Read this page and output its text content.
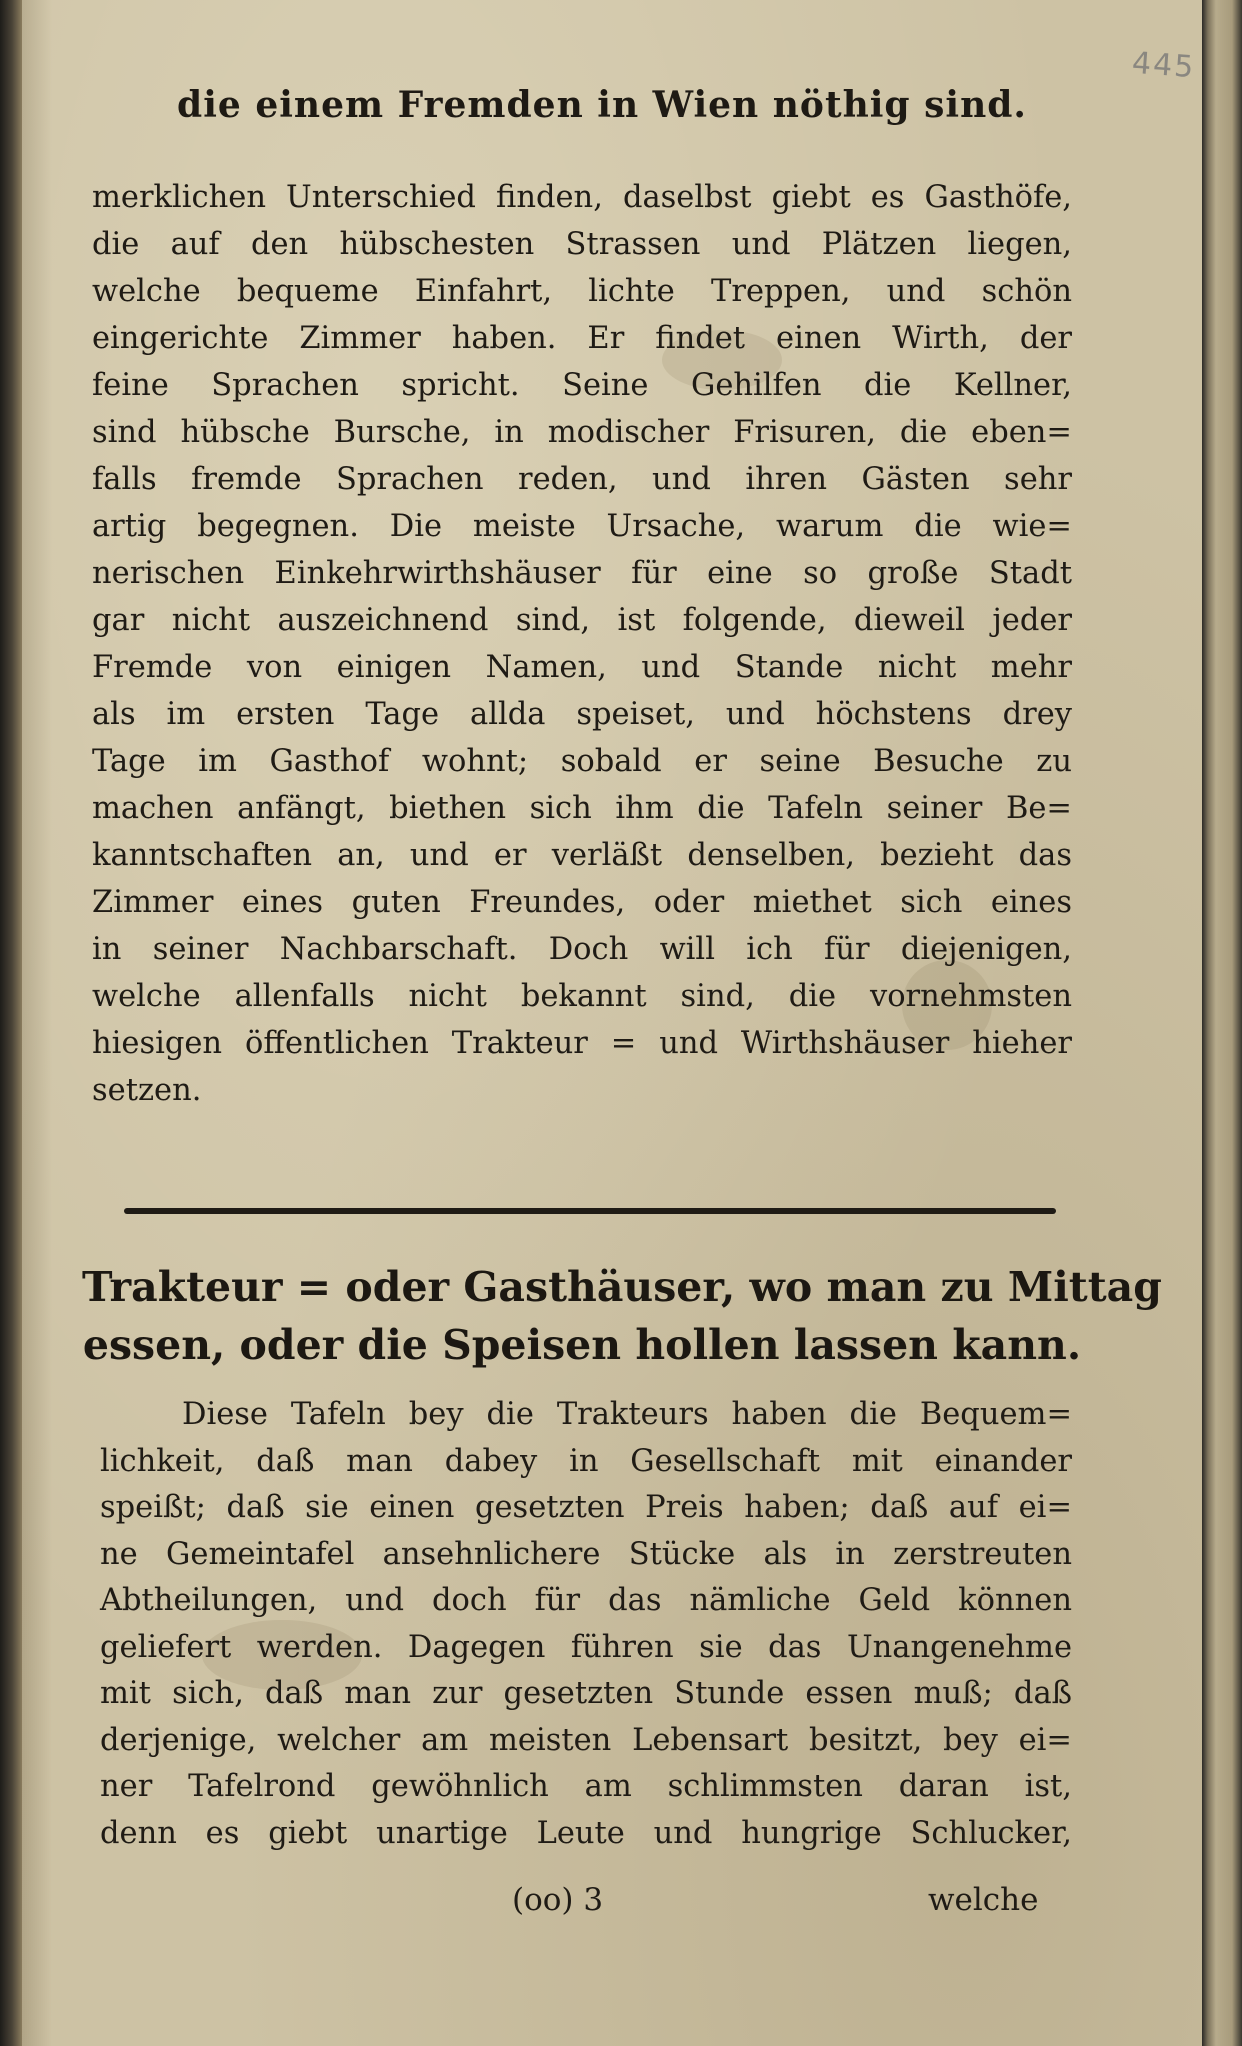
445
die einem Fremden in Wien nöthig sind.
merklichen Unterschied finden, daselbst giebt es Gasthöfe,
die auf den hübschesten Strassen und Plätzen liegen,
welche bequeme Einfahrt, lichte Treppen, und schön
eingerichte Zimmer haben. Er findet einen Wirth, der
feine Sprachen spricht. Seine Gehilfen die Kellner,
sind hübsche Bursche, in modischer Frisuren, die eben=
falls fremde Sprachen reden, und ihren Gästen sehr
artig begegnen. Die meiste Ursache, warum die wie=
nerischen Einkehrwirthshäuser für eine so große Stadt
gar nicht auszeichnend sind, ist folgende, dieweil jeder
Fremde von einigen Namen, und Stande nicht mehr
als im ersten Tage allda speiset, und höchstens drey
Tage im Gasthof wohnt; sobald er seine Besuche zu
machen anfängt, biethen sich ihm die Tafeln seiner Be=
kanntschaften an, und er verläßt denselben, bezieht das
Zimmer eines guten Freundes, oder miethet sich eines
in seiner Nachbarschaft. Doch will ich für diejenigen,
welche allenfalls nicht bekannt sind, die vornehmsten
hiesigen öffentlichen Trakteur = und Wirthshäuser hieher
setzen.
Trakteur = oder Gasthäuser, wo man zu Mittag
essen, oder die Speisen hollen lassen kann.
Diese Tafeln bey die Trakteurs haben die Bequem=
lichkeit, daß man dabey in Gesellschaft mit einander
speißt; daß sie einen gesetzten Preis haben; daß auf ei=
ne Gemeintafel ansehnlichere Stücke als in zerstreuten
Abtheilungen, und doch für das nämliche Geld können
geliefert werden. Dagegen führen sie das Unangenehme
mit sich, daß man zur gesetzten Stunde essen muß; daß
derjenige, welcher am meisten Lebensart besitzt, bey ei=
ner Tafelrond gewöhnlich am schlimmsten daran ist,
denn es giebt unartige Leute und hungrige Schlucker,
(oo) 3	welche
